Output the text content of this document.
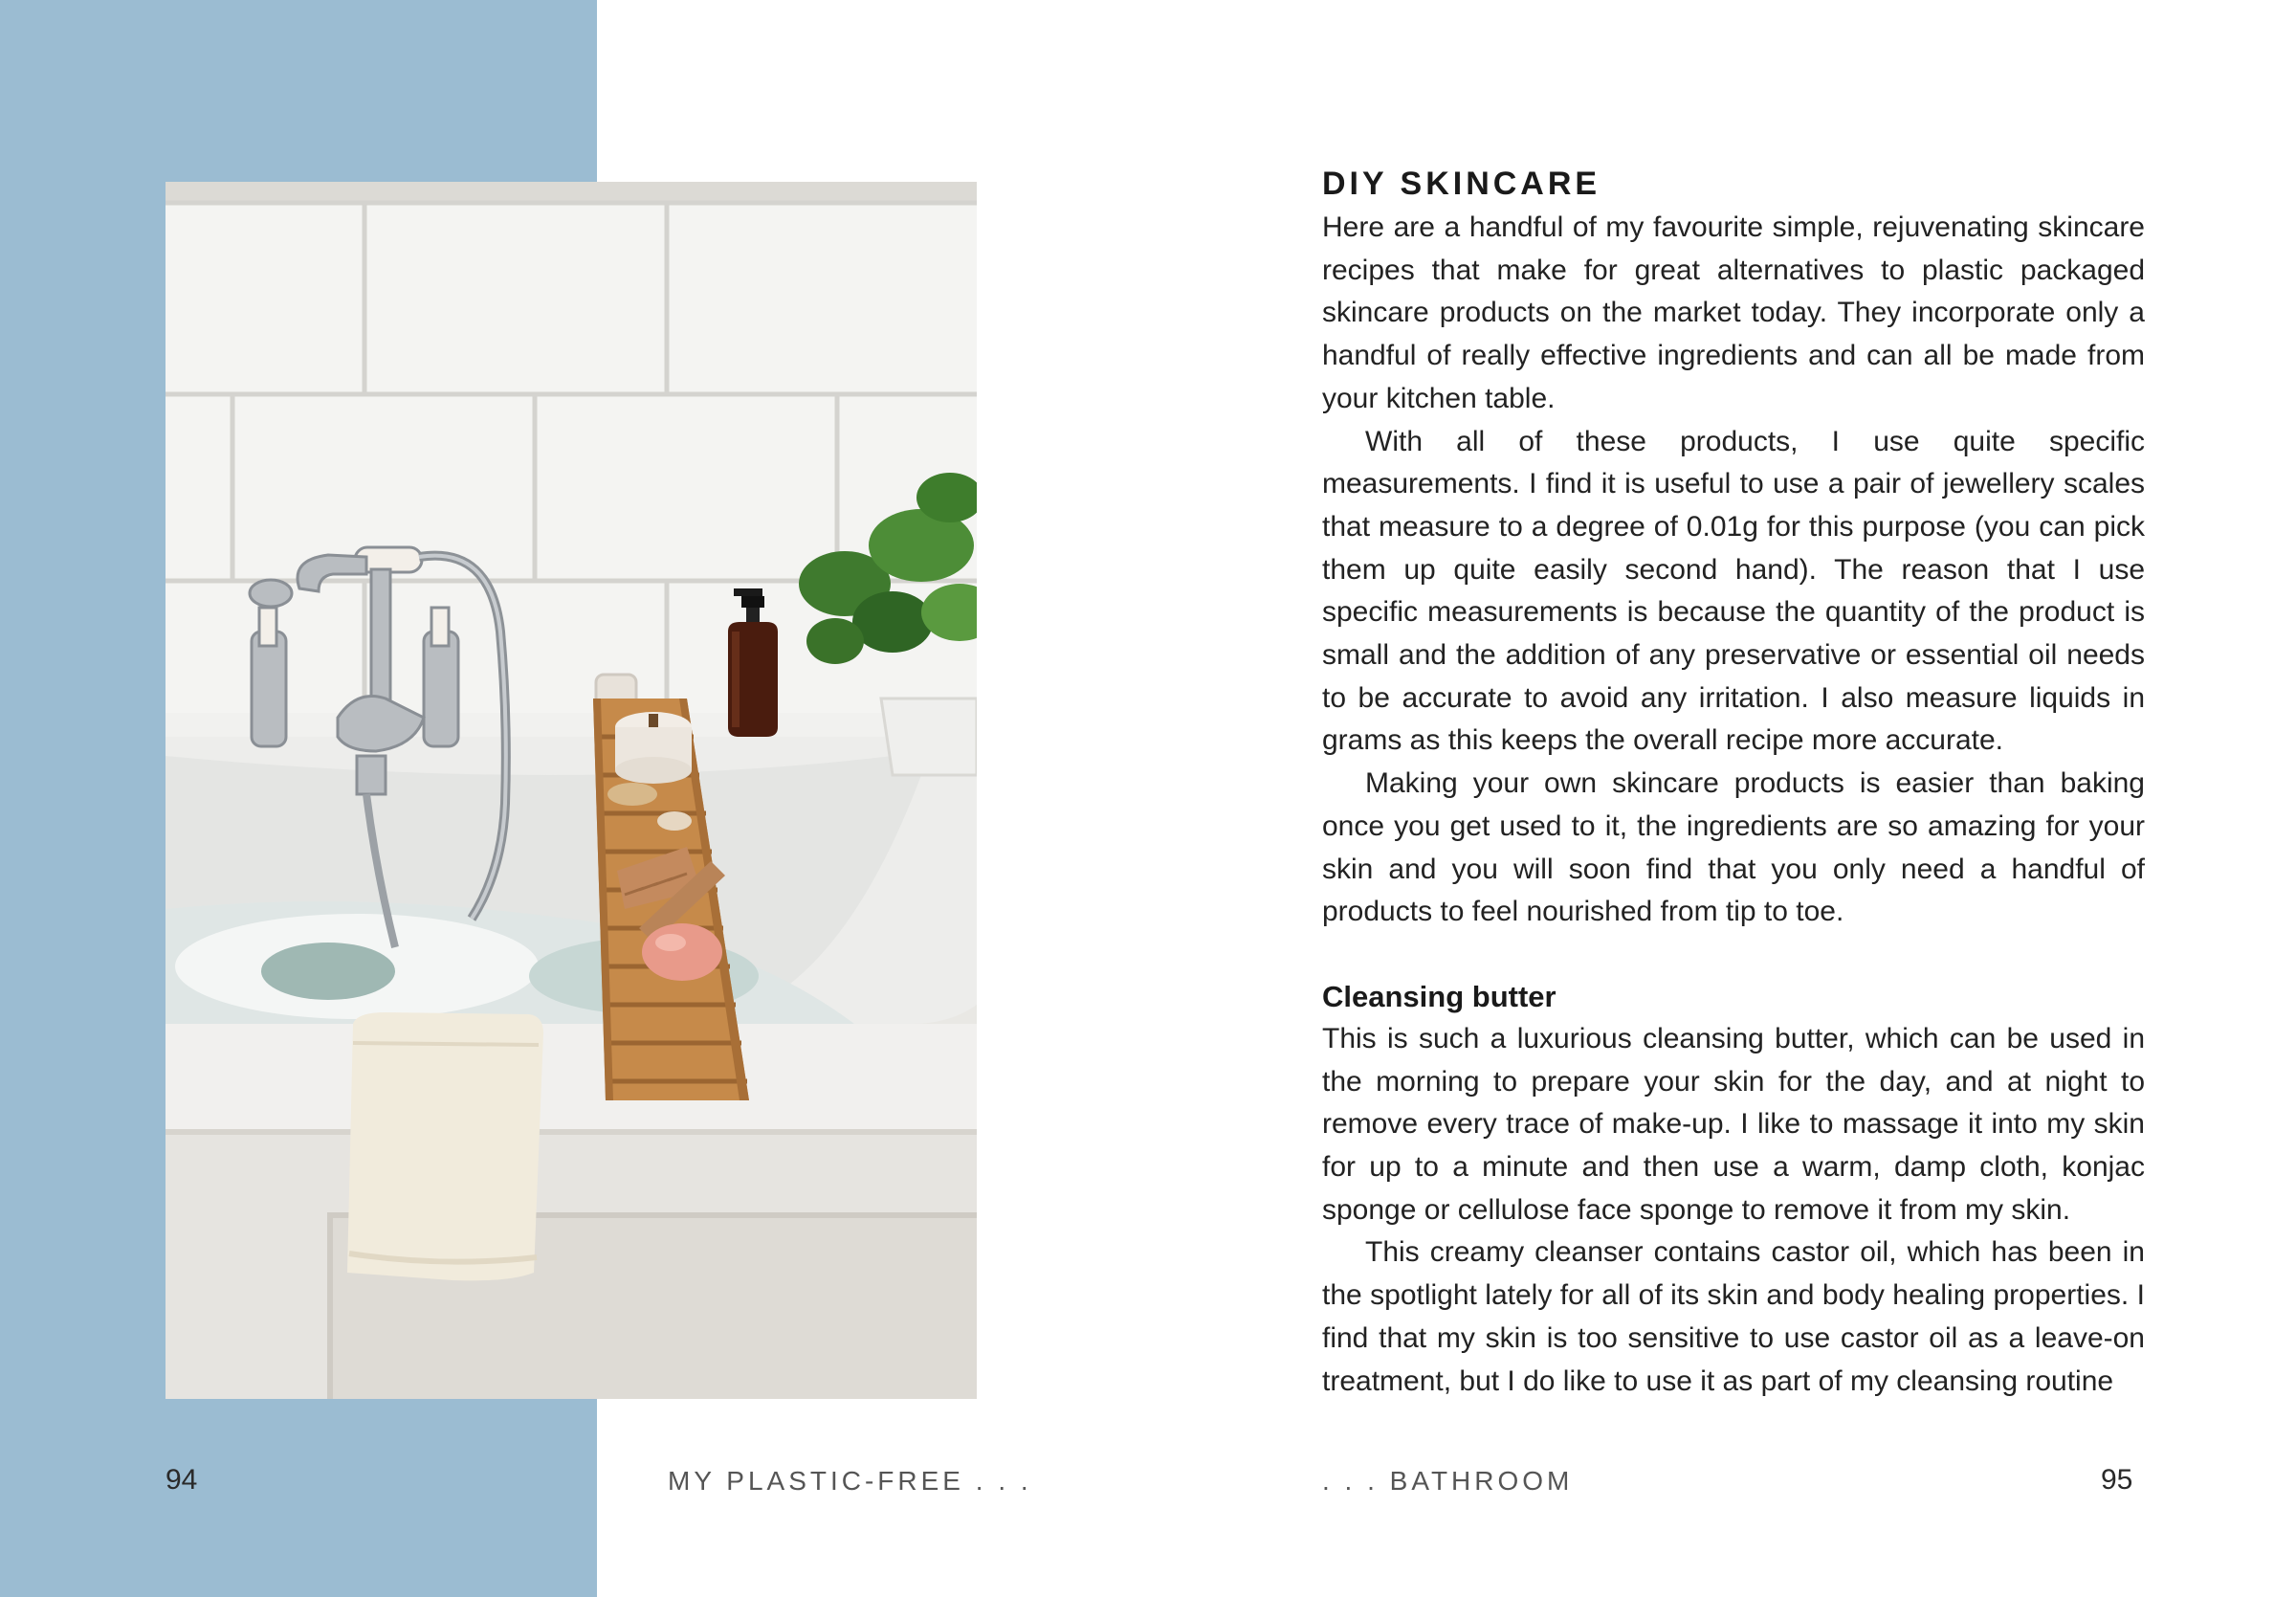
DIY SKINCARE

Here are a handful of my favourite simple, rejuvenating skincare recipes that make for great alternatives to plastic packaged skincare products on the market today. They incorporate only a handful of really effective ingredients and can all be made from your kitchen table.

With all of these products, I use quite specific measurements. I find it is useful to use a pair of jewellery scales that measure to a degree of 0.01g for this purpose (you can pick them up quite easily second hand). The reason that I use specific measurements is because the quantity of the product is small and the addition of any preservative or essential oil needs to be accurate to avoid any irritation. I also measure liquids in grams as this keeps the overall recipe more accurate.

Making your own skincare products is easier than baking once you get used to it, the ingredients are so amazing for your skin and you will soon find that you only need a handful of products to feel nourished from tip to toe.

Cleansing butter

This is such a luxurious cleansing butter, which can be used in the morning to prepare your skin for the day, and at night to remove every trace of make-up. I like to massage it into my skin for up to a minute and then use a warm, damp cloth, konjac sponge or cellulose face sponge to remove it from my skin.

This creamy cleanser contains castor oil, which has been in the spotlight lately for all of its skin and body healing properties. I find that my skin is too sensitive to use castor oil as a leave-on treatment, but I do like to use it as part of my cleansing routine

94	MY PLASTIC-FREE . . .	. . . BATHROOM	95
